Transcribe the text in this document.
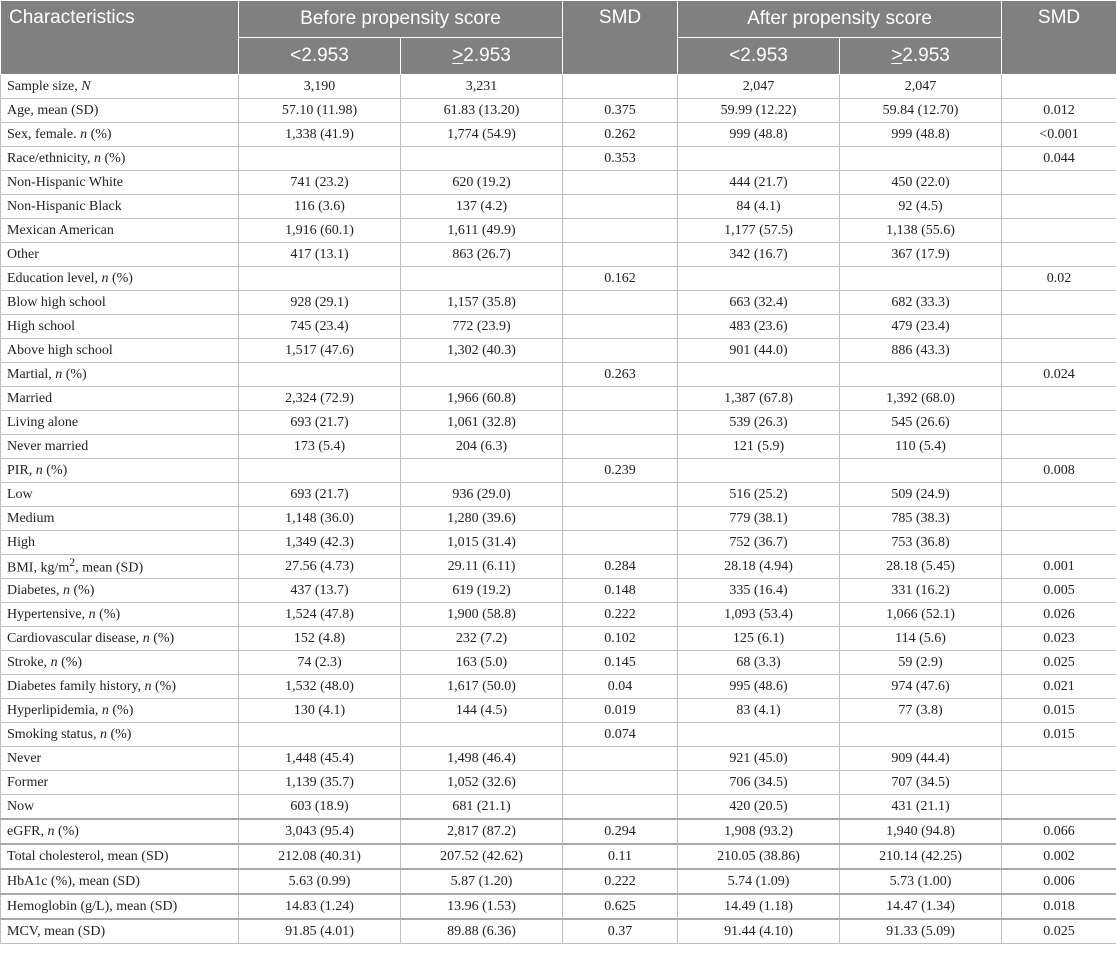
Characteristics	Before propensity score		SMD	After propensity score		SMD
	<2.953	≥2.953		<2.953	≥2.953	
Sample size, N	3,190	3,231		2,047	2,047	
Age, mean (SD)	57.10 (11.98)	61.83 (13.20)	0.375	59.99 (12.22)	59.84 (12.70)	0.012
Sex, female. n (%)	1,338 (41.9)	1,774 (54.9)	0.262	999 (48.8)	999 (48.8)	<0.001
Race/ethnicity, n (%)			0.353			0.044
Non-Hispanic White	741 (23.2)	620 (19.2)		444 (21.7)	450 (22.0)	
Non-Hispanic Black	116 (3.6)	137 (4.2)		84 (4.1)	92 (4.5)	
Mexican American	1,916 (60.1)	1,611 (49.9)		1,177 (57.5)	1,138 (55.6)	
Other	417 (13.1)	863 (26.7)		342 (16.7)	367 (17.9)	
Education level, n (%)			0.162			0.02
Blow high school	928 (29.1)	1,157 (35.8)		663 (32.4)	682 (33.3)	
High school	745 (23.4)	772 (23.9)		483 (23.6)	479 (23.4)	
Above high school	1,517 (47.6)	1,302 (40.3)		901 (44.0)	886 (43.3)	
Martial, n (%)			0.263			0.024
Married	2,324 (72.9)	1,966 (60.8)		1,387 (67.8)	1,392 (68.0)	
Living alone	693 (21.7)	1,061 (32.8)		539 (26.3)	545 (26.6)	
Never married	173 (5.4)	204 (6.3)		121 (5.9)	110 (5.4)	
PIR, n (%)			0.239			0.008
Low	693 (21.7)	936 (29.0)		516 (25.2)	509 (24.9)	
Medium	1,148 (36.0)	1,280 (39.6)		779 (38.1)	785 (38.3)	
High	1,349 (42.3)	1,015 (31.4)		752 (36.7)	753 (36.8)	
BMI, $kg/m^2$, mean (SD)	27.56 (4.73)	29.11 (6.11)	0.284	28.18 (4.94)	28.18 (5.45)	0.001
Diabetes, n (%)	437 (13.7)	619 (19.2)	0.148	335 (16.4)	331 (16.2)	0.005
Hypertensive, n (%)	1,524 (47.8)	1,900 (58.8)	0.222	1,093 (53.4)	1,066 (52.1)	0.026
Cardiovascular disease, n (%)	152 (4.8)	232 (7.2)	0.102	125 (6.1)	114 (5.6)	0.023
Stroke, n (%)	74 (2.3)	163 (5.0)	0.145	68 (3.3)	59 (2.9)	0.025
Diabetes family history, n (%)	1,532 (48.0)	1,617 (50.0)	0.04	995 (48.6)	974 (47.6)	0.021
Hyperlipidemia, n (%)	130 (4.1)	144 (4.5)	0.019	83 (4.1)	77 (3.8)	0.015
Smoking status, n (%)			0.074			0.015
Never	1,448 (45.4)	1,498 (46.4)		921 (45.0)	909 (44.4)	
Former	1,139 (35.7)	1,052 (32.6)		706 (34.5)	707 (34.5)	
Now	603 (18.9)	681 (21.1)		420 (20.5)	431 (21.1)	
eGFR, n (%)	3,043 (95.4)	2,817 (87.2)	0.294	1,908 (93.2)	1,940 (94.8)	0.066
Total cholesterol, mean (SD)	212.08 (40.31)	207.52 (42.62)	0.11	210.05 (38.86)	210.14 (42.25)	0.002
HbA1c (%), mean (SD)	5.63 (0.99)	5.87 (1.20)	0.222	5.74 (1.09)	5.73 (1.00)	0.006
Hemoglobin (g/L), mean (SD)	14.83 (1.24)	13.96 (1.53)	0.625	14.49 (1.18)	14.47 (1.34)	0.018
MCV, mean (SD)	91.85 (4.01)	89.88 (6.36)	0.37	91.44 (4.10)	91.33 (5.09)	0.025
